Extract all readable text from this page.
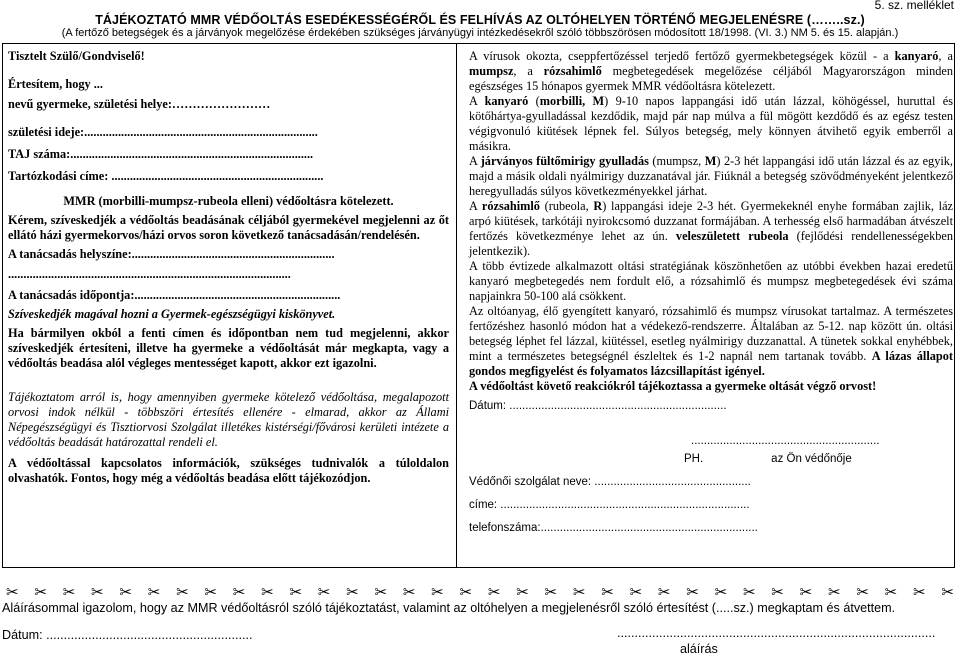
5. sz. melléklet
TÁJÉKOZTATÓ MMR VÉDŐOLTÁS ESEDÉKESSÉGÉRŐL ÉS FELHÍVÁS AZ OLTÓHELYEN TÖRTÉNŐ MEGJELENÉSRE (……..sz.)
(A fertőző betegségek és a járványok megelőzése érdekében szükséges járványügyi intézkedésekről szóló többszörösen módosított 18/1998. (VI. 3.) NM 5. és 15. alapján.)

Tisztelt Szülő/Gondviselő!

Értesítem, hogy ...

nevű gyermeke, születési helye:……………………

születési ideje:............................................................................

TAJ száma:...............................................................................

Tartózkodási címe: .....................................................................

MMR (morbilli-mumpsz-rubeola elleni) védőoltásra kötelezett.

Kérem, szíveskedjék a védőoltás beadásának céljából gyermekével megjelenni az őt ellátó házi gyermekorvos/házi orvos soron következő tanácsadásán/rendelésén.

A tanácsadás helyszíne:..................................................................

............................................................................................

A tanácsadás időpontja:...................................................................

Szíveskedjék magával hozni a Gyermek-egészségügyi kiskönyvet.

Ha bármilyen okból a fenti címen és időpontban nem tud megjelenni, akkor szíveskedjék értesíteni, illetve ha gyermeke a védőoltását már megkapta, vagy a védőoltás beadása alól végleges mentességet kapott, akkor ezt igazolni.

Tájékoztatom arról is, hogy amennyiben gyermeke kötelező védőoltása, megalapozott orvosi indok nélkül - többszöri értesítés ellenére - elmarad, akkor az Állami Népegészségügyi és Tisztiorvosi Szolgálat illetékes kistérségi/fővárosi kerületi intézete a védőoltás beadását határozattal rendeli el.

A védőoltással kapcsolatos információk, szükséges tudnivalók a túloldalon olvashatók. Fontos, hogy még a védőoltás beadása előtt tájékozódjon.

A vírusok okozta, cseppfertőzéssel terjedő fertőző gyermekbetegségek közül - a kanyaró, a mumpsz, a rózsahimlő megbetegedések megelőzése céljából Magyarországon minden egészséges 15 hónapos gyermek MMR védőoltásra kötelezett.

A kanyaró (morbilli, M) 9-10 napos lappangási idő után lázzal, köhögéssel, huruttal és kötőhártya-gyulladással kezdődik, majd pár nap múlva a fül mögött kezdődő és az egész testen végigvonuló kiütések lépnek fel. Súlyos betegség, mely könnyen átvihető egyik emberről a másikra.

A járványos fültőmirigy gyulladás (mumpsz, M) 2-3 hét lappangási idő után lázzal és az egyik, majd a másik oldali nyálmirigy duzzanatával jár. Fiúknál a betegség szövődményeként jelentkező heregyulladás súlyos következményekkel járhat.

A rózsahimlő (rubeola, R) lappangási ideje 2-3 hét. Gyermekeknél enyhe formában zajlik, láz arpó kiütések, tarkótáji nyirokcsomó duzzanat formájában. A terhesség első harmadában átvészelt fertőzés következménye lehet az ún. veleszületett rubeola (fejlődési rendellenességekben jelentkezik).

A több évtizede alkalmazott oltási stratégiának köszönhetően az utóbbi években hazai eredetű kanyaró megbetegedés nem fordult elő, a rózsahimlő és mumpsz megbetegedések évi száma napjainkra 50-100 alá csökkent.

Az oltóanyag, élő gyengített kanyaró, rózsahimlő és mumpsz vírusokat tartalmaz. A természetes fertőzéshez hasonló módon hat a védekező-rendszerre. Általában az 5-12. nap között ún. oltási betegség léphet fel lázzal, kiütéssel, esetleg nyálmirigy duzzanattal. A tünetek sokkal enyhébbek, mint a természetes betegségnél észleltek és 1-2 napnál nem tartanak tovább. A lázas állapot gondos megfigyelést és folyamatos lázcsillapítást igényel.

A védőoltást követő reakciókról tájékoztassa a gyermeke oltását végző orvost!

Dátum: ....................................................................

...........................................................

PH.	az Ön védőnője

Védőnői szolgálat neve: .................................................

címe: ..............................................................................

telefonszáma:....................................................................

✂ ✂ ✂ ✂ ✂ ✂ ✂ ✂ ✂ ✂ ✂ ✂ ✂ ✂ ✂ ✂ ✂ ✂ ✂ ✂ ✂ ✂ ✂ ✂ ✂ ✂ ✂ ✂ ✂ ✂ ✂ ✂ ✂ ✂
Aláírásommal igazolom, hogy az MMR védőoltásról szóló tájékoztatást, valamint az oltóhelyen a megjelenésről szóló értesítést (.....sz.) megkaptam és átvettem.
Dátum: ...........................................................	...........................................................................................
aláírás
